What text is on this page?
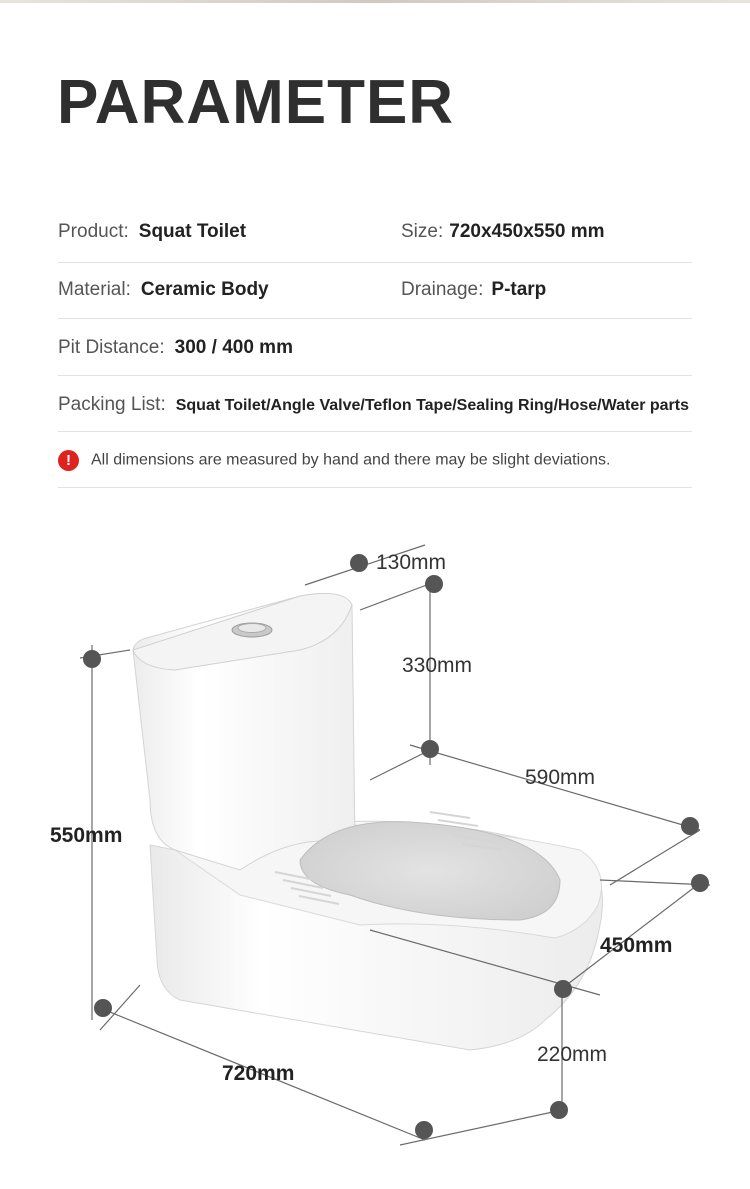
PARAMETER
Product: Squat Toilet	Size: 720x450x550 mm
Material: Ceramic Body	Drainage: P-tarp
Pit Distance: 300 / 400 mm
Packing List: Squat Toilet/Angle Valve/Teflon Tape/Sealing Ring/Hose/Water parts
! All dimensions are measured by hand and there may be slight deviations.
130mm
330mm
590mm
550mm
450mm
220mm
720mm
